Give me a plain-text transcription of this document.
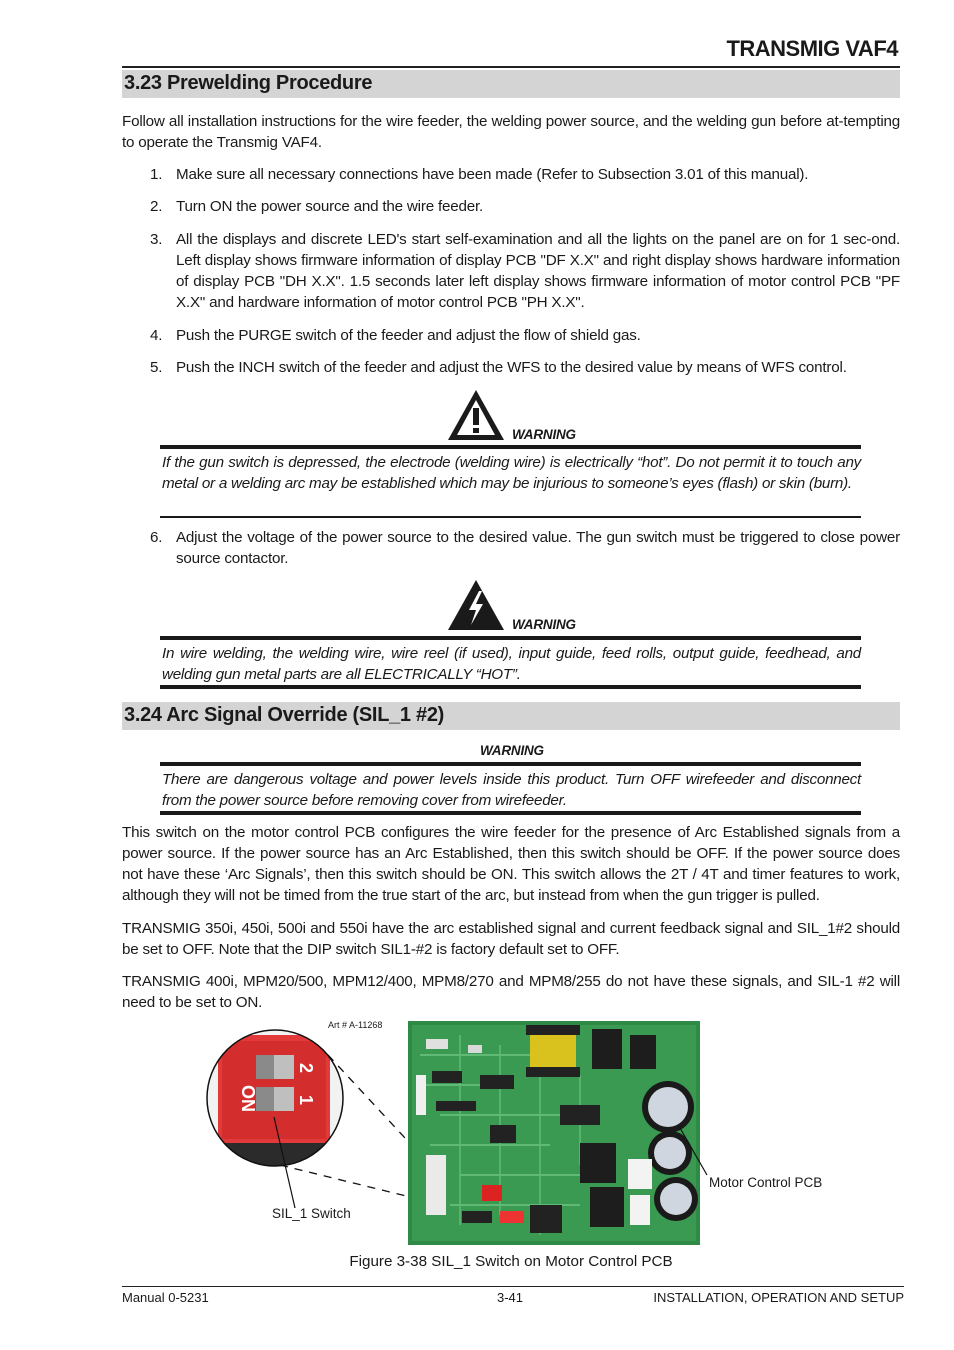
TRANSMIG VAF4
3.23 Prewelding Procedure
Follow all installation instructions for the wire feeder, the welding power source, and the welding gun before at-tempting to operate the Transmig VAF4.
1. Make sure all necessary connections have been made (Refer to Subsection 3.01 of this manual).
2. Turn ON the power source and the wire feeder.
3. All the displays and discrete LED's start self-examination and all the lights on the panel are on for 1 sec-ond. Left display shows firmware information of display PCB "DF X.X" and right display shows hardware information of display PCB "DH X.X". 1.5 seconds later left display shows firmware information of motor control PCB "PF X.X" and hardware information of motor control PCB "PH X.X".
4. Push the PURGE switch of the feeder and adjust the flow of shield gas.
5. Push the INCH switch of the feeder and adjust the WFS to the desired value by means of WFS control.
WARNING
If the gun switch is depressed, the electrode (welding wire) is electrically “hot”. Do not permit it to touch any metal or a welding arc may be established which may be injurious to someone’s eyes (flash) or skin (burn).
6. Adjust the voltage of the power source to the desired value. The gun switch must be triggered to close power source contactor.
WARNING
In wire welding, the welding wire, wire reel (if used), input guide, feed rolls, output guide, feedhead, and welding gun metal parts are all ELECTRICALLY “HOT”.
3.24 Arc Signal Override (SIL_1 #2)
WARNING
There are dangerous voltage and power levels inside this product. Turn OFF wirefeeder and disconnect from the power source before removing cover from wirefeeder.
This switch on the motor control PCB configures the wire feeder for the presence of Arc Established signals from a power source. If the power source has an Arc Established, then this switch should be OFF. If the power source does not have these ‘Arc Signals’, then this switch should be ON. This switch allows the 2T / 4T and timer features to work, although they will not be timed from the true start of the arc, but instead from when the gun trigger is pulled.
TRANSMIG 350i, 450i, 500i and 550i have the arc established signal and current feedback signal and SIL_1#2 should be set to OFF. Note that the DIP switch SIL1-#2 is factory default set to OFF.
TRANSMIG 400i, MPM20/500, MPM12/400, MPM8/270 and MPM8/255 do not have these signals, and SIL-1 #2 will need to be set to ON.
Art # A-11268
ON
2
1
SIL_1 Switch
Motor Control PCB
Figure 3-38 SIL_1 Switch on Motor Control PCB
Manual 0-5231	3-41	INSTALLATION, OPERATION AND SETUP
